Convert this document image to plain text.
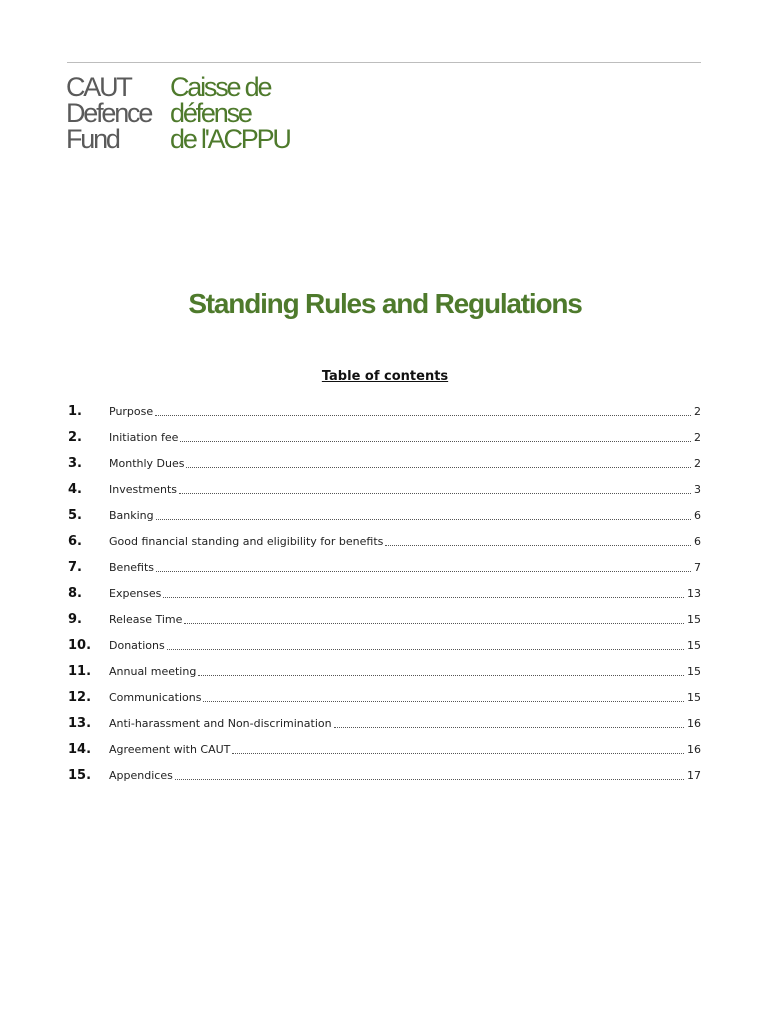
CAUT
Defence
Fund
Caisse de
défense
de l'ACPPU
Standing Rules and Regulations
Table of contents
1.	Purpose	2
2.	Initiation fee	2
3.	Monthly Dues	2
4.	Investments	3
5.	Banking	6
6.	Good financial standing and eligibility for benefits	6
7.	Benefits	7
8.	Expenses	13
9.	Release Time	15
10.	Donations	15
11.	Annual meeting	15
12.	Communications	15
13.	Anti-harassment and Non-discrimination	16
14.	Agreement with CAUT	16
15.	Appendices	17
